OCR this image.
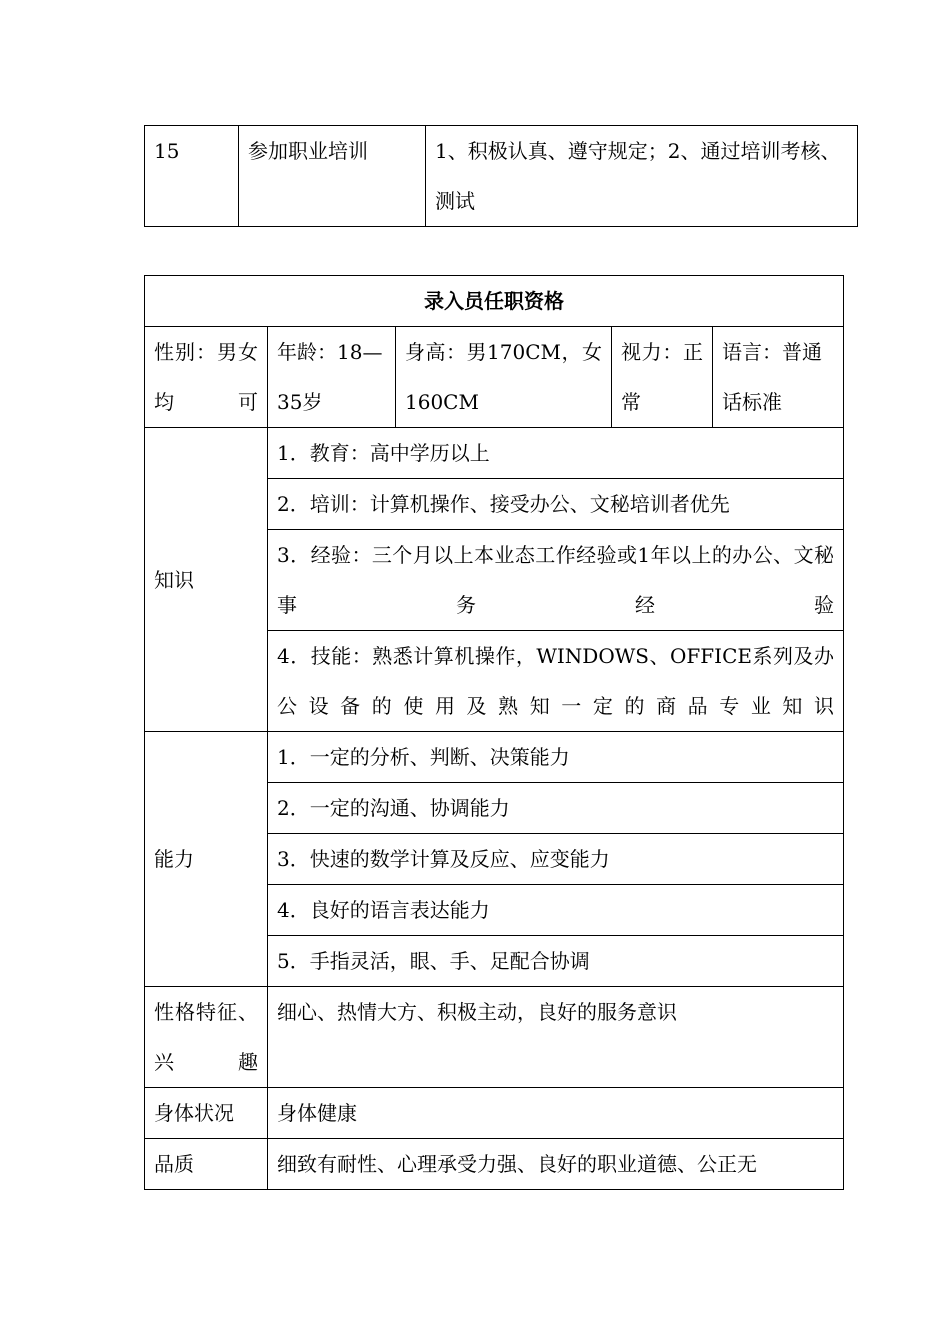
15	参加职业培训	1、积极认真、遵守规定；2、通过培训考核、测试
录入员任职资格				
性别：男女均可	年龄：18—35岁	身高：男170CM，女160CM	视力：正常	语言：普通话标准
知识	1．教育：高中学历以上			
	2．培训：计算机操作、接受办公、文秘培训者优先			
	3．经验：三个月以上本业态工作经验或1年以上的办公、文秘事务经验			
	4．技能：熟悉计算机操作，WINDOWS、OFFICE系列及办公设备的使用及熟知一定的商品专业知识			
能力	1．一定的分析、判断、决策能力			
	2．一定的沟通、协调能力			
	3．快速的数学计算及反应、应变能力			
	4．良好的语言表达能力			
	5．手指灵活，眼、手、足配合协调			
性格特征、兴趣	细心、热情大方、积极主动，良好的服务意识			
身体状况	身体健康			
品质	细致有耐性、心理承受力强、良好的职业道德、公正无			
